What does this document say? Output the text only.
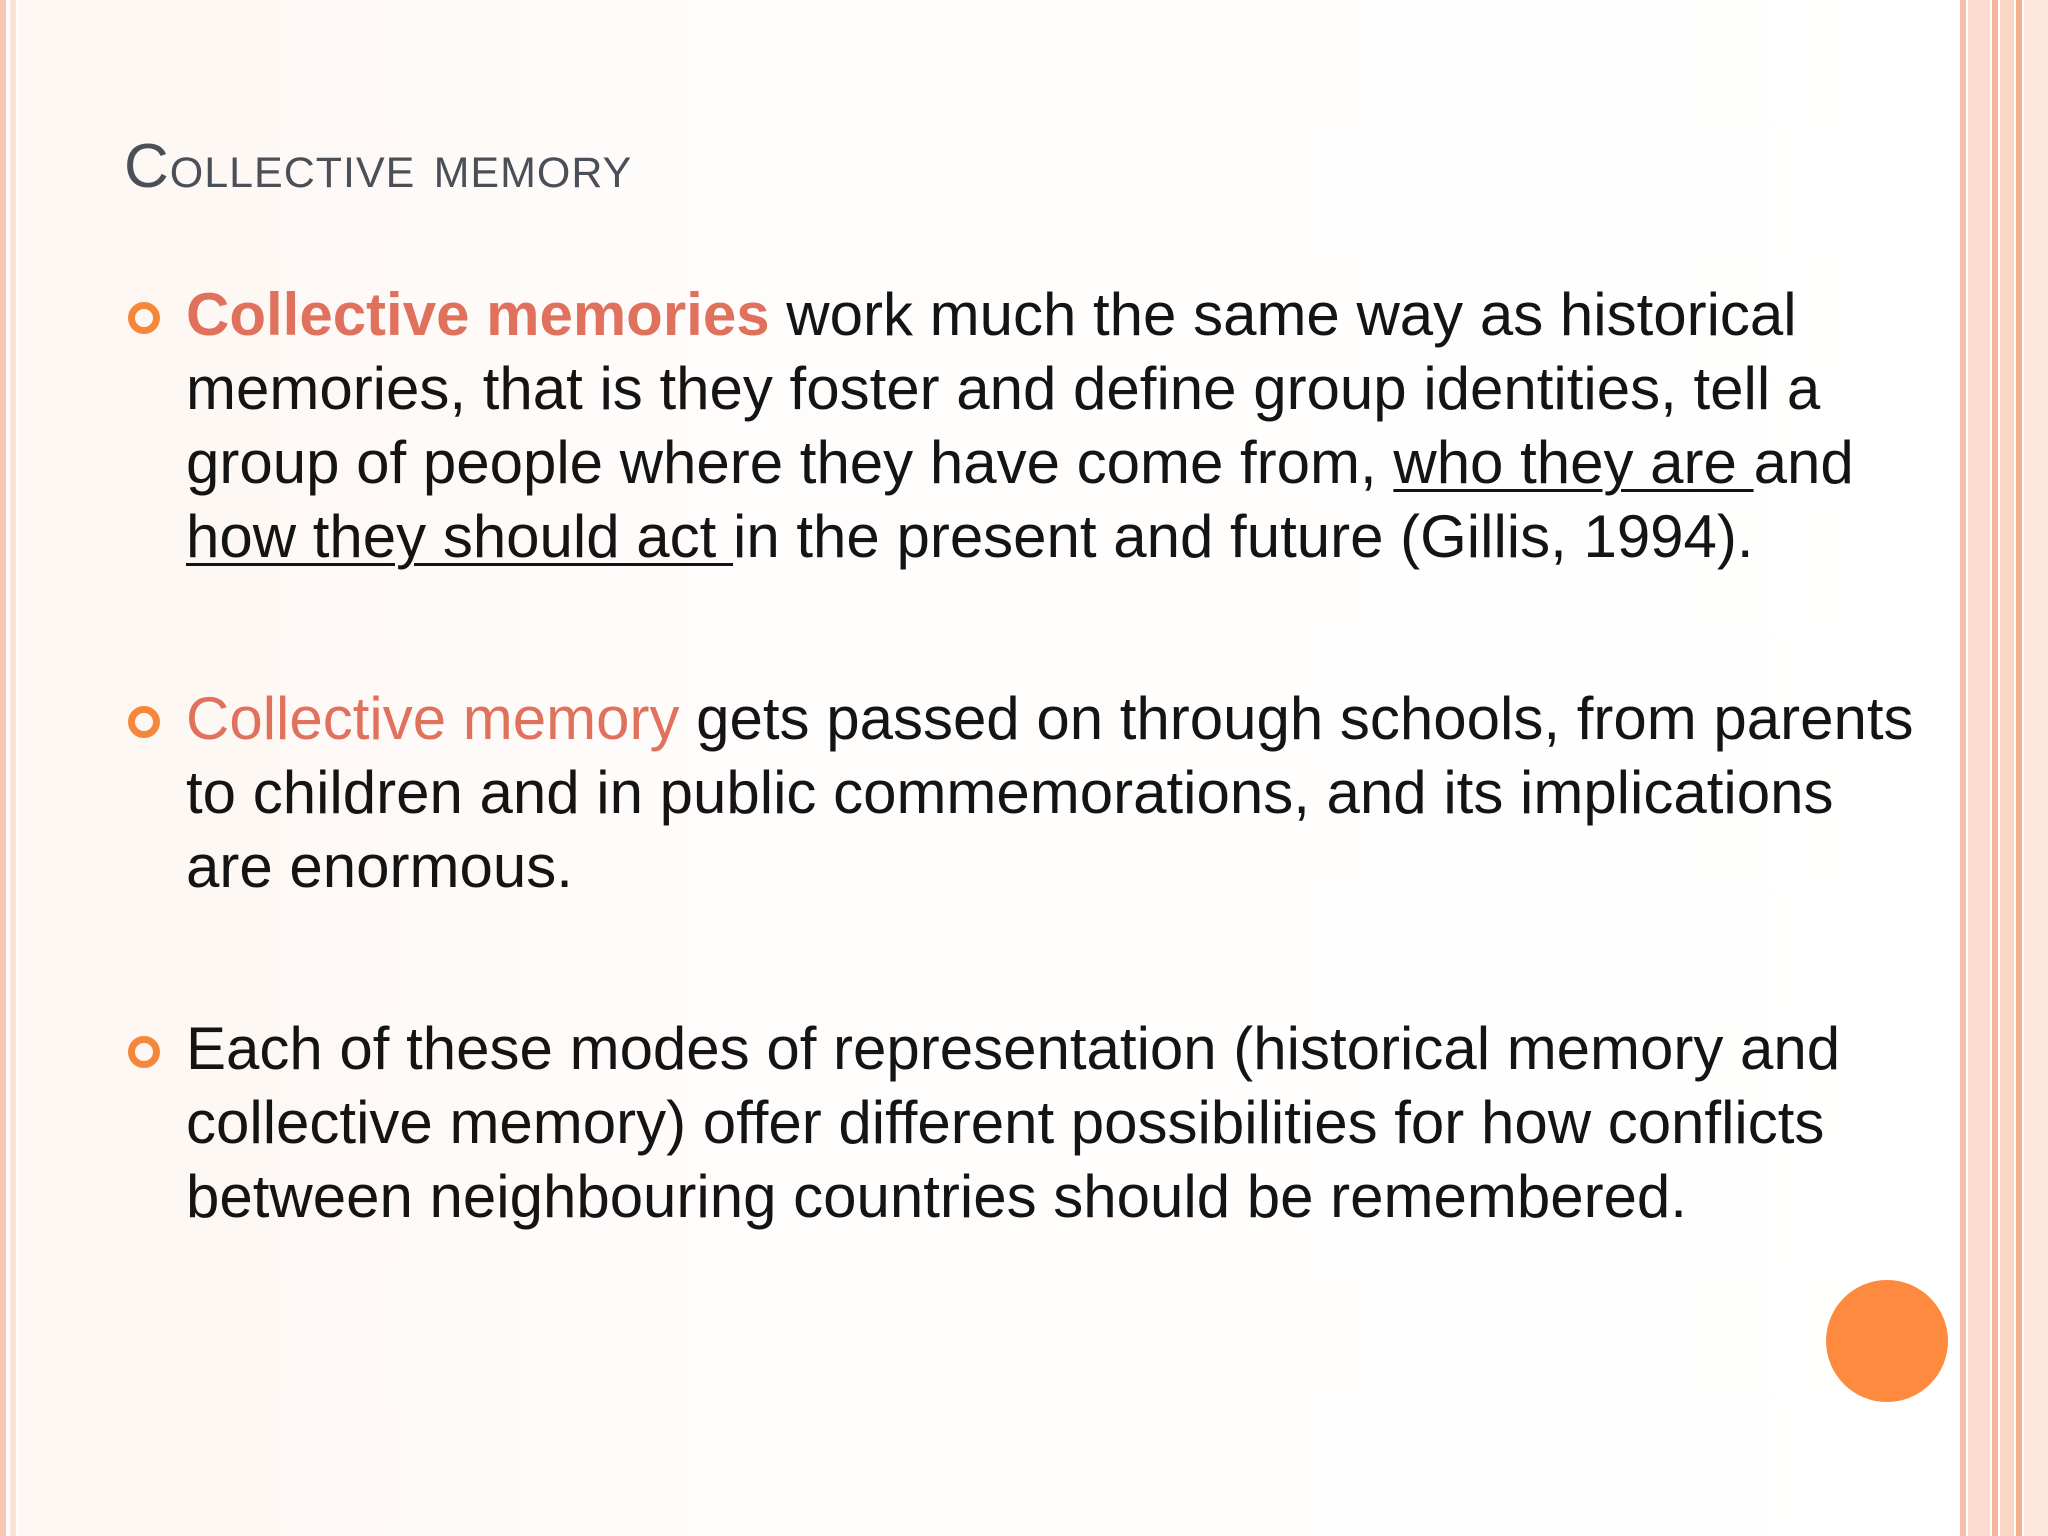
Collective memory
Collective memories work much the same way as historical memories, that is they foster and define group identities, tell a group of people where they have come from, who they are and how they should act in the present and future (Gillis, 1994).
Collective memory gets passed on through schools, from parents to children and in public commemorations, and its implications are enormous.
Each of these modes of representation (historical memory and collective memory) offer different possibilities for how conflicts between neighbouring countries should be remembered.
